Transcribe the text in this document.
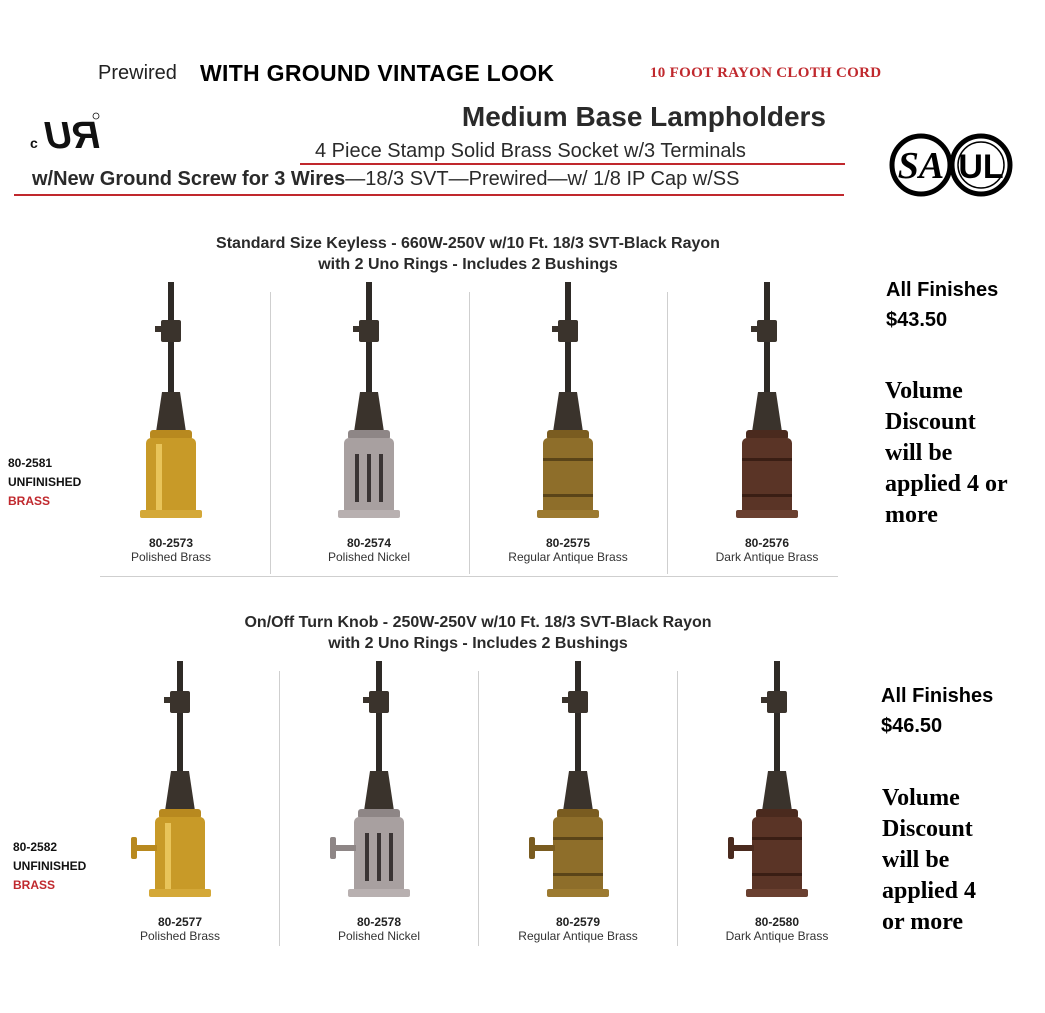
Prewired WITH GROUND VINTAGE LOOK	10 FOOT RAYON CLOTH CORD
Medium Base Lampholders
4 Piece Stamp Solid Brass Socket w/3 Terminals
w/New Ground Screw for 3 Wires—18/3 SVT—Prewired—w/ 1/8 IP Cap w/SS
c RU
SA UL
Standard Size Keyless - 660W-250V w/10 Ft. 18/3 SVT-Black Rayon
with 2 Uno Rings - Includes 2 Bushings
80-2581
UNFINISHED
BRASS
80-2573
Polished Brass
80-2574
Polished Nickel
80-2575
Regular Antique Brass
80-2576
Dark Antique Brass
All Finishes
$43.50
Volume
Discount
will be
applied 4 or
more
On/Off Turn Knob - 250W-250V w/10 Ft. 18/3 SVT-Black Rayon
with 2 Uno Rings - Includes 2 Bushings
80-2582
UNFINISHED
BRASS
80-2577
Polished Brass
80-2578
Polished Nickel
80-2579
Regular Antique Brass
80-2580
Dark Antique Brass
All Finishes
$46.50
Volume
Discount
will be
applied 4
or more
